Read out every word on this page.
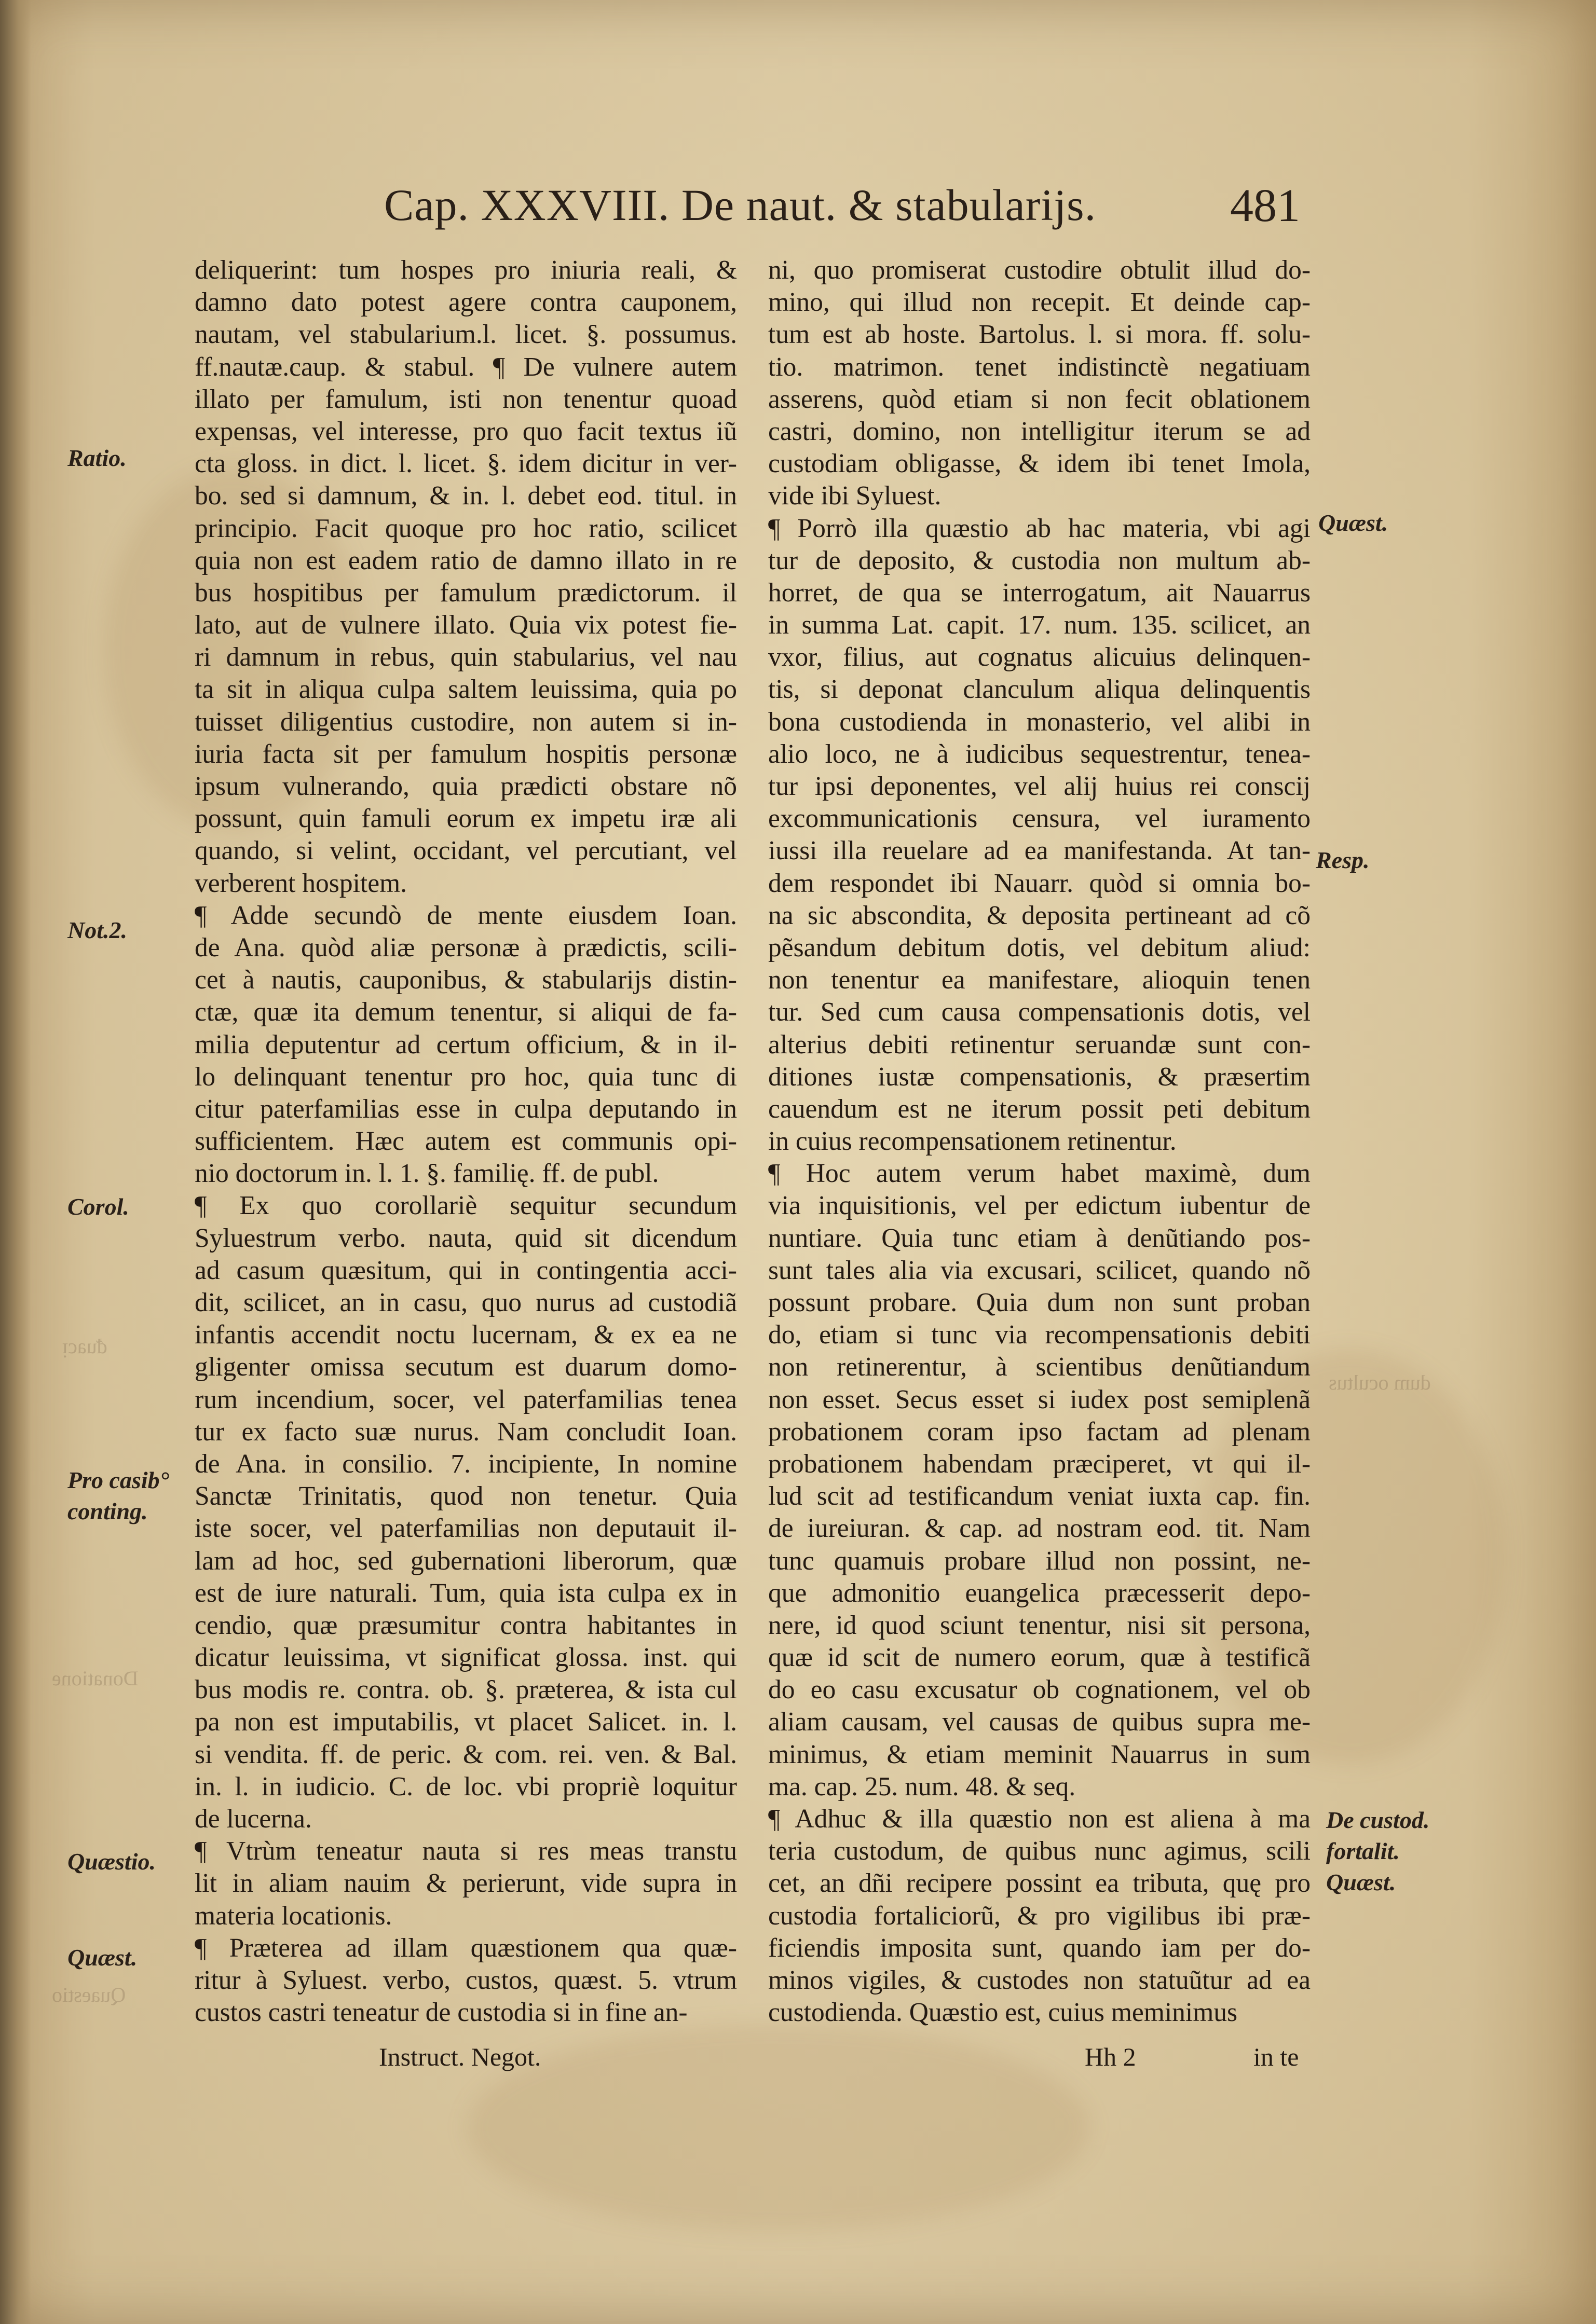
Cap. XXXVIII. De naut. & stabularijs.	481
Ratio.
Not.2.
Corol.
Pro casib°
conting.
Quæstio.
Quæst.
ᵭuacᴉ
Donatione
Quaestio
dum ocultus
Quæst.
Resp.
De custod.
fortalit.
Quæst.
deliquerint: tum hospes pro iniuria reali, &
damno dato potest agere contra cauponem,
nautam, vel stabularium.l. licet. §. possumus.
ff.nautæ.caup. & stabul. ¶ De vulnere autem
illato per famulum, isti non tenentur quoad
expensas, vel interesse, pro quo facit textus iũ
cta gloss. in dict. l. licet. §. idem dicitur in ver-
bo. sed si damnum, & in. l. debet eod. titul. in
principio. Facit quoque pro hoc ratio, scilicet
quia non est eadem ratio de damno illato in re
bus hospitibus per famulum prædictorum. il
lato, aut de vulnere illato. Quia vix potest fie-
ri damnum in rebus, quin stabularius, vel nau
ta sit in aliqua culpa saltem leuissima, quia po
tuisset diligentius custodire, non autem si in-
iuria facta sit per famulum hospitis personæ
ipsum vulnerando, quia prædicti obstare nõ
possunt, quin famuli eorum ex impetu iræ ali
quando, si velint, occidant, vel percutiant, vel
verberent hospitem.
¶ Adde secundò de mente eiusdem Ioan.
de Ana. quòd aliæ personæ à prædictis, scili-
cet à nautis, cauponibus, & stabularijs distin-
ctæ, quæ ita demum tenentur, si aliqui de fa-
milia deputentur ad certum officium, & in il-
lo delinquant tenentur pro hoc, quia tunc di
citur paterfamilias esse in culpa deputando in
sufficientem. Hæc autem est communis opi-
nio doctorum in. l. 1. §. familię. ff. de publ.
¶ Ex quo corollariè sequitur secundum
Syluestrum verbo. nauta, quid sit dicendum
ad casum quæsitum, qui in contingentia acci-
dit, scilicet, an in casu, quo nurus ad custodiã
infantis accendit noctu lucernam, & ex ea ne
gligenter omissa secutum est duarum domo-
rum incendium, socer, vel paterfamilias tenea
tur ex facto suæ nurus. Nam concludit Ioan.
de Ana. in consilio. 7. incipiente, In nomine
Sanctæ Trinitatis, quod non tenetur. Quia
iste socer, vel paterfamilias non deputauit il-
lam ad hoc, sed gubernationi liberorum, quæ
est de iure naturali. Tum, quia ista culpa ex in
cendio, quæ præsumitur contra habitantes in
dicatur leuissima, vt significat glossa. inst. qui
bus modis re. contra. ob. §. præterea, & ista cul
pa non est imputabilis, vt placet Salicet. in. l.
si vendita. ff. de peric. & com. rei. ven. & Bal.
in. l. in iudicio. C. de loc. vbi propriè loquitur
de lucerna.
¶ Vtrùm teneatur nauta si res meas transtu
lit in aliam nauim & perierunt, vide supra in
materia locationis.
¶ Præterea ad illam quæstionem qua quæ-
ritur à Syluest. verbo, custos, quæst. 5. vtrum
custos castri teneatur de custodia si in fine an-
ni, quo promiserat custodire obtulit illud do-
mino, qui illud non recepit. Et deinde cap-
tum est ab hoste. Bartolus. l. si mora. ff. solu-
tio. matrimon. tenet indistinctè negatiuam
asserens, quòd etiam si non fecit oblationem
castri, domino, non intelligitur iterum se ad
custodiam obligasse, & idem ibi tenet Imola,
vide ibi Syluest.
¶ Porrò illa quæstio ab hac materia, vbi agi
tur de deposito, & custodia non multum ab-
horret, de qua se interrogatum, ait Nauarrus
in summa Lat. capit. 17. num. 135. scilicet, an
vxor, filius, aut cognatus alicuius delinquen-
tis, si deponat clanculum aliqua delinquentis
bona custodienda in monasterio, vel alibi in
alio loco, ne à iudicibus sequestrentur, tenea-
tur ipsi deponentes, vel alij huius rei conscij
excommunicationis censura, vel iuramento
iussi illa reuelare ad ea manifestanda. At tan-
dem respondet ibi Nauarr. quòd si omnia bo-
na sic abscondita, & deposita pertineant ad cõ
pẽsandum debitum dotis, vel debitum aliud:
non tenentur ea manifestare, alioquin tenen
tur. Sed cum causa compensationis dotis, vel
alterius debiti retinentur seruandæ sunt con-
ditiones iustæ compensationis, & præsertim
cauendum est ne iterum possit peti debitum
in cuius recompensationem retinentur.
¶ Hoc autem verum habet maximè, dum
via inquisitionis, vel per edictum iubentur de
nuntiare. Quia tunc etiam à denũtiando pos-
sunt tales alia via excusari, scilicet, quando nõ
possunt probare. Quia dum non sunt proban
do, etiam si tunc via recompensationis debiti
non retinerentur, à scientibus denũtiandum
non esset. Secus esset si iudex post semiplenã
probationem coram ipso factam ad plenam
probationem habendam præciperet, vt qui il-
lud scit ad testificandum veniat iuxta cap. fin.
de iureiuran. & cap. ad nostram eod. tit. Nam
tunc quamuis probare illud non possint, ne-
que admonitio euangelica præcesserit depo-
nere, id quod sciunt tenentur, nisi sit persona,
quæ id scit de numero eorum, quæ à testificã
do eo casu excusatur ob cognationem, vel ob
aliam causam, vel causas de quibus supra me-
minimus, & etiam meminit Nauarrus in sum
ma. cap. 25. num. 48. & seq.
¶ Adhuc & illa quæstio non est aliena à ma
teria custodum, de quibus nunc agimus, scili
cet, an dñi recipere possint ea tributa, quę pro
custodia fortaliciorũ, & pro vigilibus ibi præ-
ficiendis imposita sunt, quando iam per do-
minos vigiles, & custodes non statuũtur ad ea
custodienda. Quæstio est, cuius meminimus
Instruct. Negot.	Hh 2	in te
